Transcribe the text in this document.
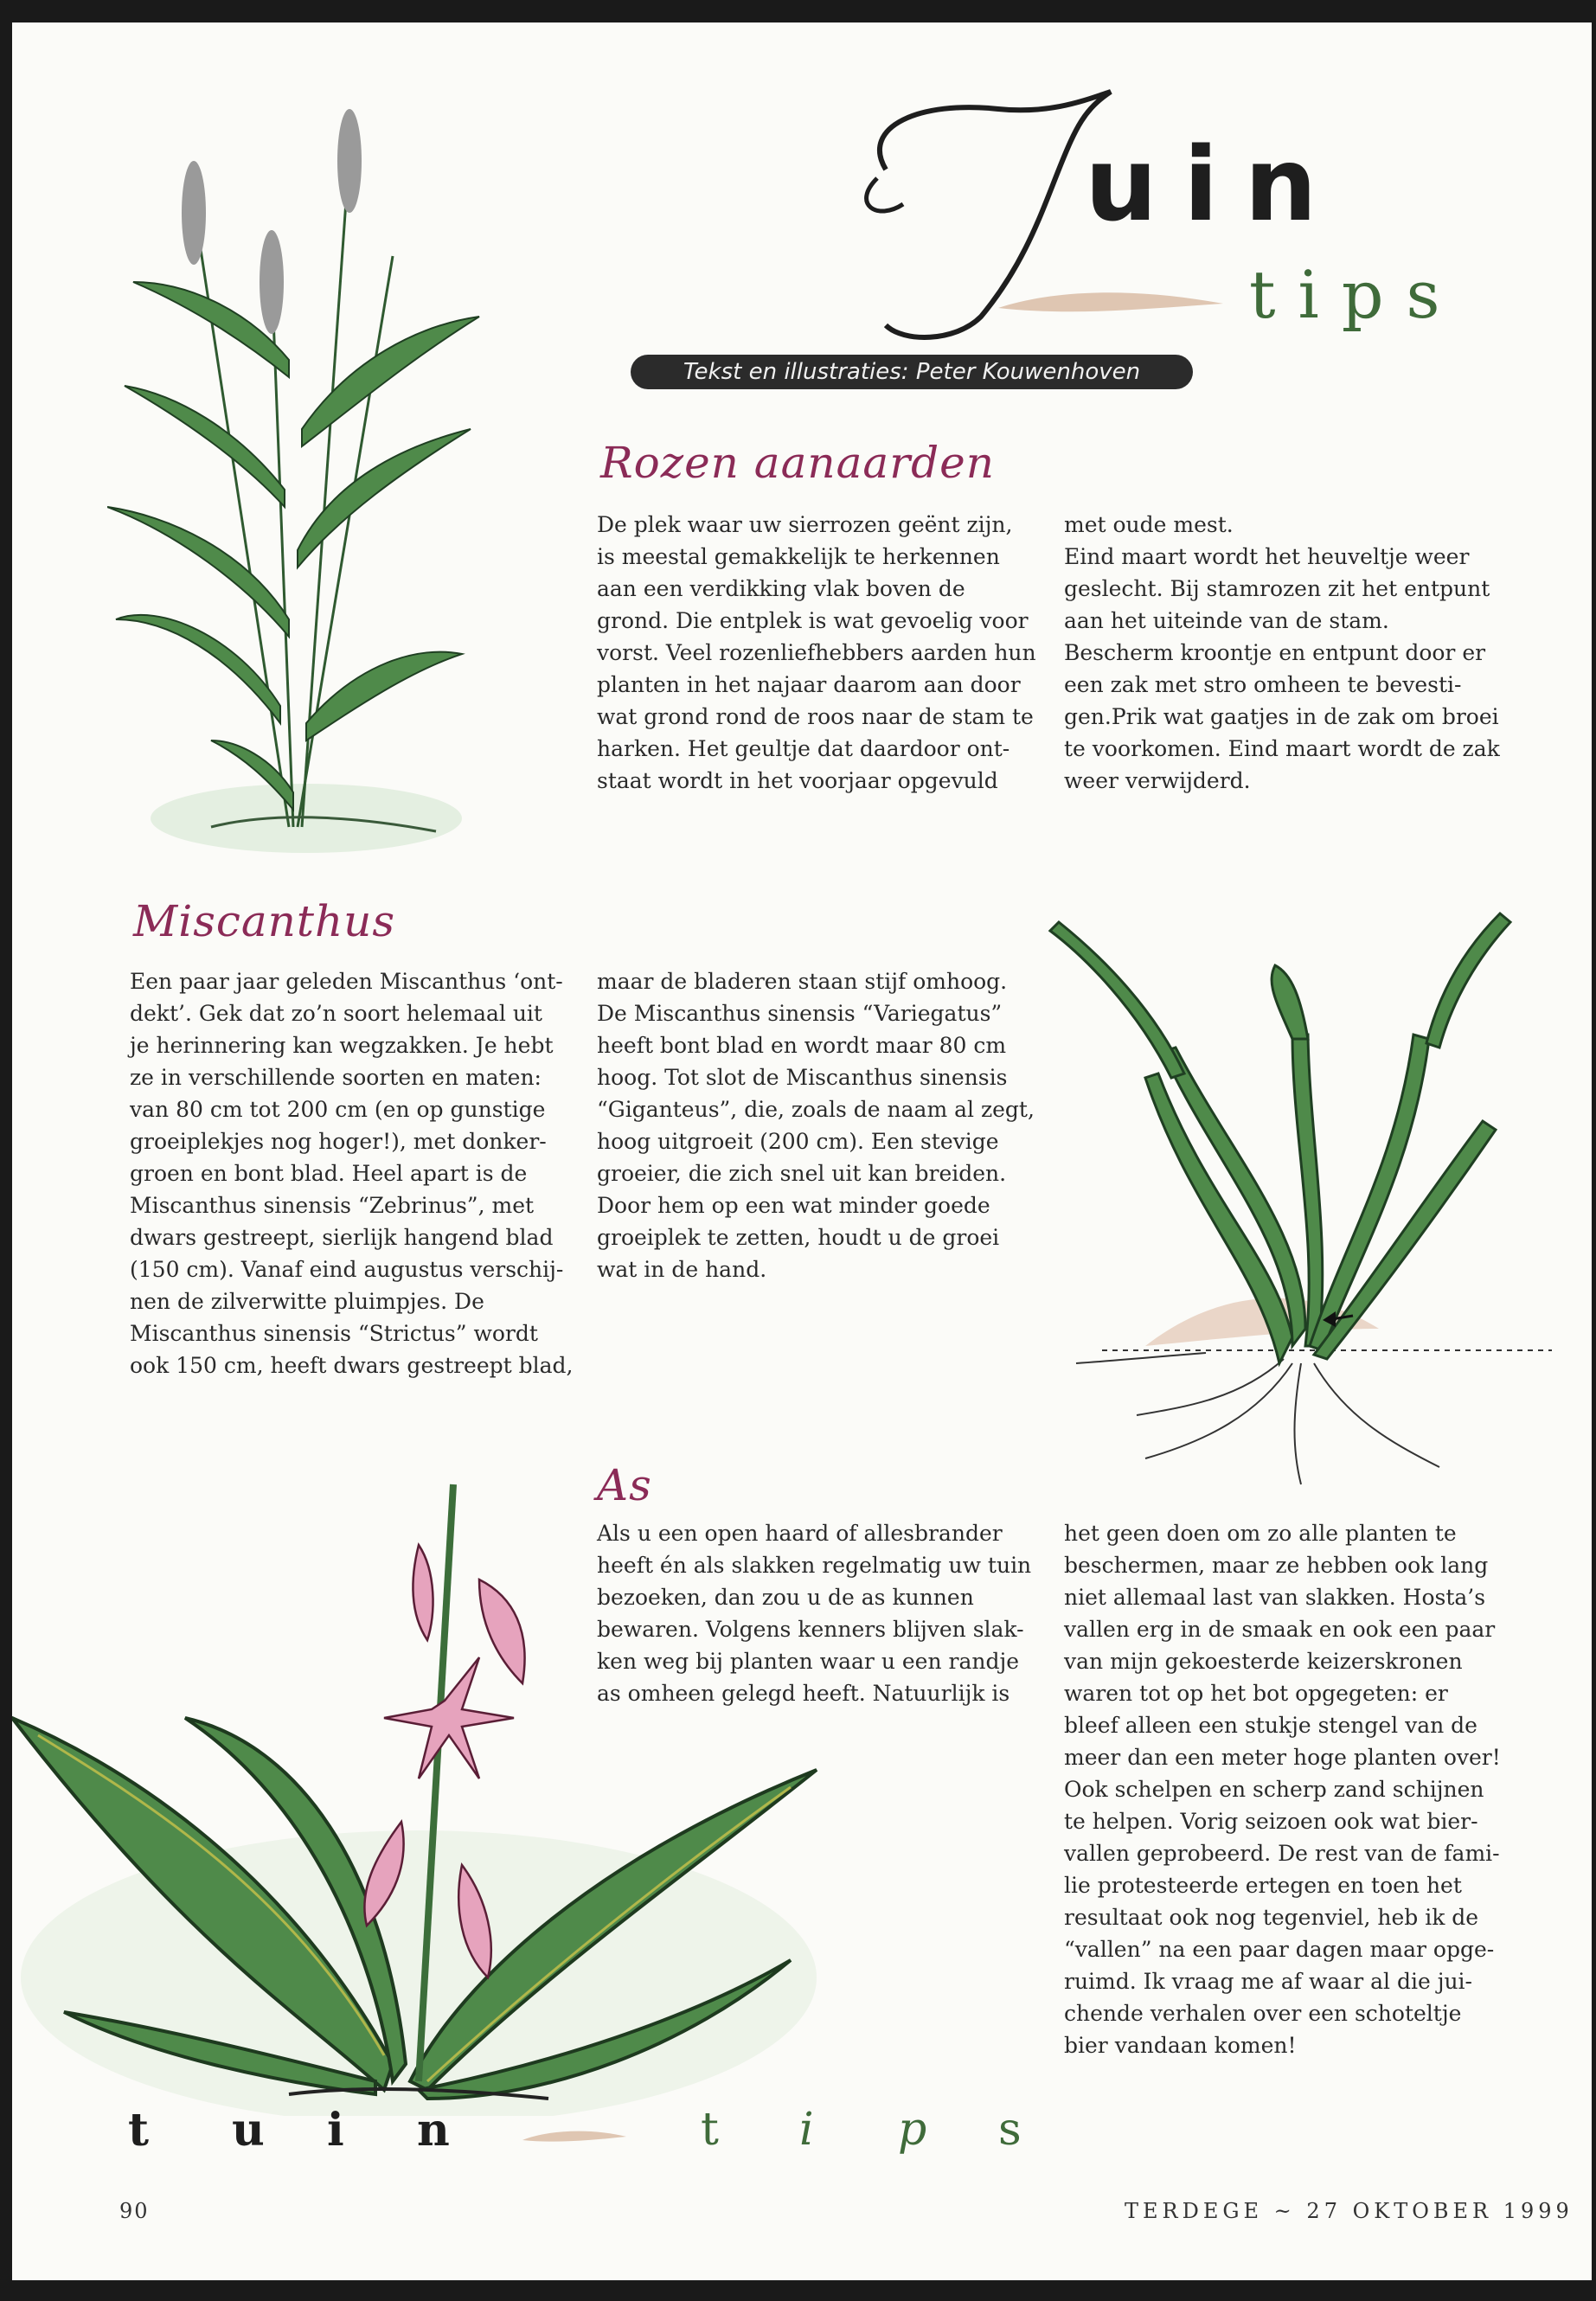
uin
tips
Tekst en illustraties: Peter Kouwenhoven
Rozen aanaarden
De plek waar uw sierrozen geënt zijn,
is meestal gemakkelijk te herkennen
aan een verdikking vlak boven de
grond. Die entplek is wat gevoelig voor
vorst. Veel rozenliefhebbers aarden hun
planten in het najaar daarom aan door
wat grond rond de roos naar de stam te
harken. Het geultje dat daardoor ont-
staat wordt in het voorjaar opgevuld
met oude mest.
Eind maart wordt het heuveltje weer
geslecht. Bij stamrozen zit het entpunt
aan het uiteinde van de stam.
Bescherm kroontje en entpunt door er
een zak met stro omheen te bevesti-
gen.Prik wat gaatjes in de zak om broei
te voorkomen. Eind maart wordt de zak
weer verwijderd.
Miscanthus
Een paar jaar geleden Miscanthus ‘ont-
dekt’. Gek dat zo’n soort helemaal uit
je herinnering kan wegzakken. Je hebt
ze in verschillende soorten en maten:
van 80 cm tot 200 cm (en op gunstige
groeiplekjes nog hoger!), met donker-
groen en bont blad. Heel apart is de
Miscanthus sinensis “Zebrinus”, met
dwars gestreept, sierlijk hangend blad
(150 cm). Vanaf eind augustus verschij-
nen de zilverwitte pluimpjes. De
Miscanthus sinensis “Strictus” wordt
ook 150 cm, heeft dwars gestreept blad,
maar de bladeren staan stijf omhoog.
De Miscanthus sinensis “Variegatus”
heeft bont blad en wordt maar 80 cm
hoog. Tot slot de Miscanthus sinensis
“Giganteus”, die, zoals de naam al zegt,
hoog uitgroeit (200 cm). Een stevige
groeier, die zich snel uit kan breiden.
Door hem op een wat minder goede
groeiplek te zetten, houdt u de groei
wat in de hand.
As
Als u een open haard of allesbrander
heeft én als slakken regelmatig uw tuin
bezoeken, dan zou u de as kunnen
bewaren. Volgens kenners blijven slak-
ken weg bij planten waar u een randje
as omheen gelegd heeft. Natuurlijk is
het geen doen om zo alle planten te
beschermen, maar ze hebben ook lang
niet allemaal last van slakken. Hosta’s
vallen erg in de smaak en ook een paar
van mijn gekoesterde keizerskronen
waren tot op het bot opgegeten: er
bleef alleen een stukje stengel van de
meer dan een meter hoge planten over!
Ook schelpen en scherp zand schijnen
te helpen. Vorig seizoen ook wat bier-
vallen geprobeerd. De rest van de fami-
lie protesteerde ertegen en toen het
resultaat ook nog tegenviel, heb ik de
“vallen” na een paar dagen maar opge-
ruimd. Ik vraag me af waar al die jui-
chende verhalen over een schoteltje
bier vandaan komen!
t u i n	t i p s
90	TERDEGE ~ 27 OKTOBER 1999
